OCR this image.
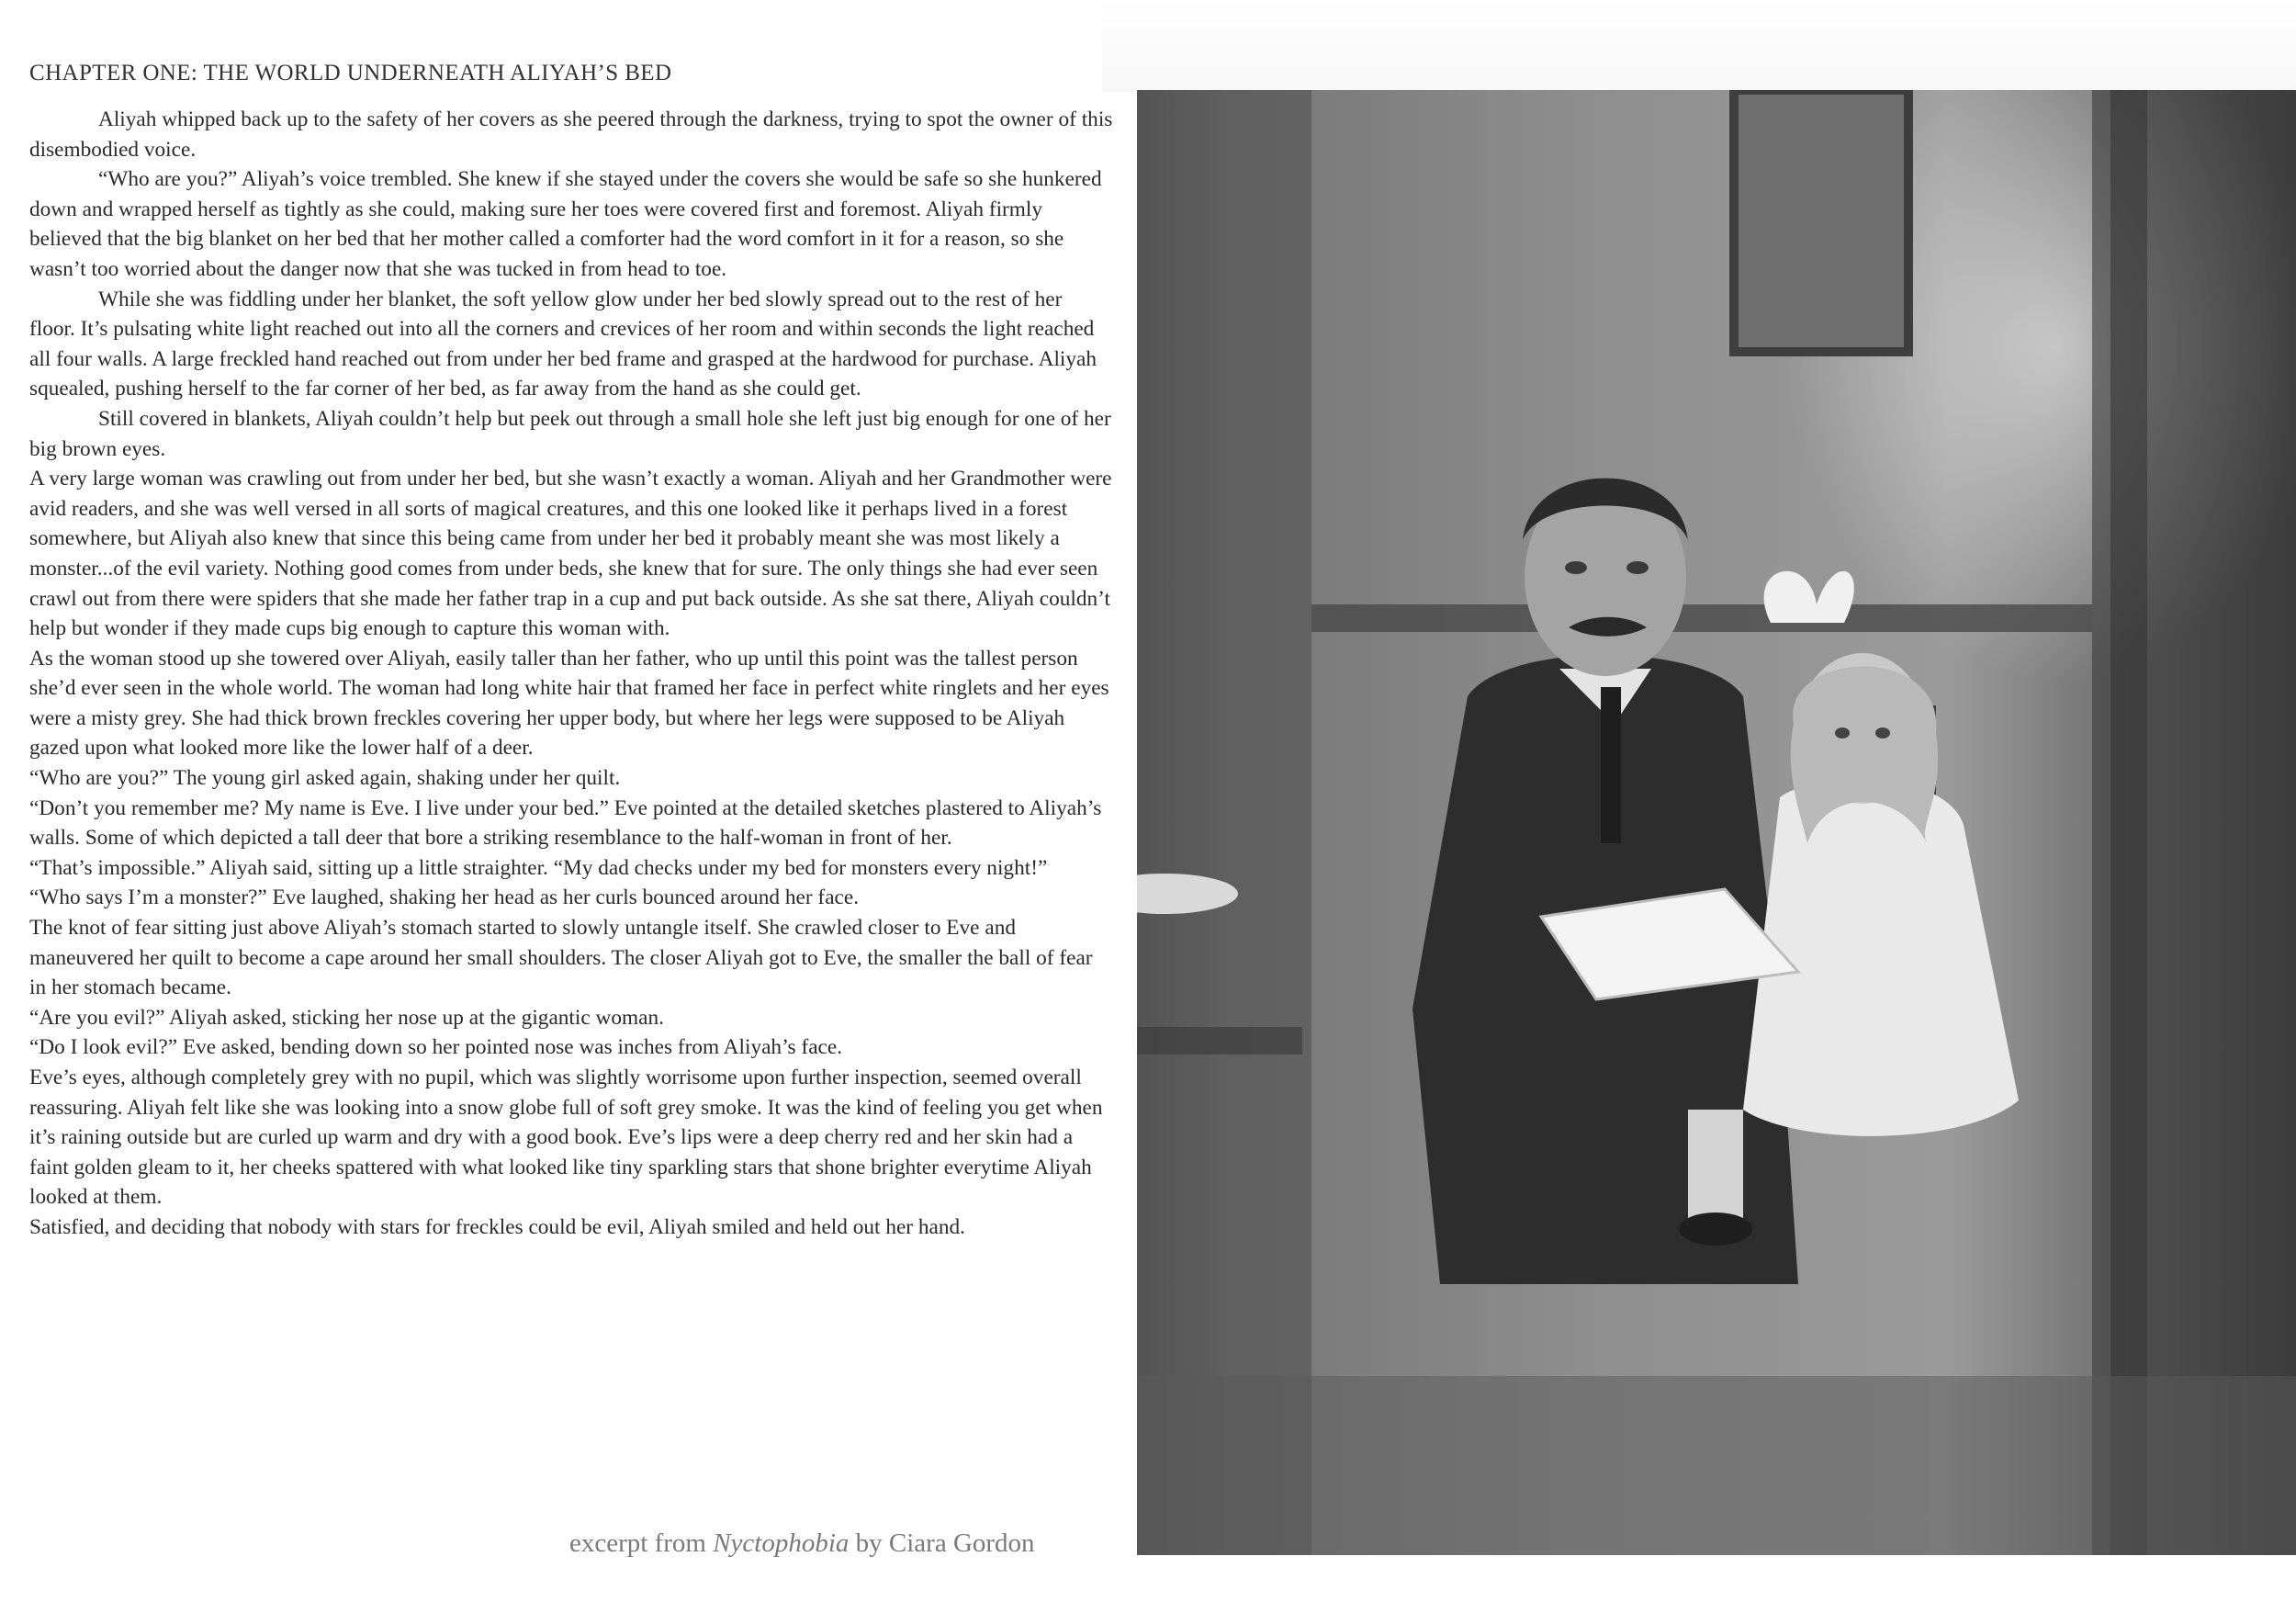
CHAPTER ONE: THE WORLD UNDERNEATH ALIYAH’S BED

Aliyah whipped back up to the safety of her covers as she peered through the darkness, trying to spot the owner of this disembodied voice.

“Who are you?” Aliyah’s voice trembled. She knew if she stayed under the covers she would be safe so she hunkered down and wrapped herself as tightly as she could, making sure her toes were covered first and foremost. Aliyah firmly believed that the big blanket on her bed that her mother called a comforter had the word comfort in it for a reason, so she wasn’t too worried about the danger now that she was tucked in from head to toe.

While she was fiddling under her blanket, the soft yellow glow under her bed slowly spread out to the rest of her floor. It’s pulsating white light reached out into all the corners and crevices of her room and within seconds the light reached all four walls. A large freckled hand reached out from under her bed frame and grasped at the hardwood for purchase. Aliyah squealed, pushing herself to the far corner of her bed, as far away from the hand as she could get.

Still covered in blankets, Aliyah couldn’t help but peek out through a small hole she left just big enough for one of her big brown eyes.

A very large woman was crawling out from under her bed, but she wasn’t exactly a woman. Aliyah and her Grandmother were avid readers, and she was well versed in all sorts of magical creatures, and this one looked like it perhaps lived in a forest somewhere, but Aliyah also knew that since this being came from under her bed it probably meant she was most likely a monster...of the evil variety. Nothing good comes from under beds, she knew that for sure. The only things she had ever seen crawl out from there were spiders that she made her father trap in a cup and put back outside. As she sat there, Aliyah couldn’t help but wonder if they made cups big enough to capture this woman with.

As the woman stood up she towered over Aliyah, easily taller than her father, who up until this point was the tallest person she’d ever seen in the whole world. The woman had long white hair that framed her face in perfect white ringlets and her eyes were a misty grey. She had thick brown freckles covering her upper body, but where her legs were supposed to be Aliyah gazed upon what looked more like the lower half of a deer.

“Who are you?” The young girl asked again, shaking under her quilt.

“Don’t you remember me? My name is Eve. I live under your bed.” Eve pointed at the detailed sketches plastered to Aliyah’s walls. Some of which depicted a tall deer that bore a striking resemblance to the half-woman in front of her.

“That’s impossible.” Aliyah said, sitting up a little straighter. “My dad checks under my bed for monsters every night!”

“Who says I’m a monster?” Eve laughed, shaking her head as her curls bounced around her face.

The knot of fear sitting just above Aliyah’s stomach started to slowly untangle itself. She crawled closer to Eve and maneuvered her quilt to become a cape around her small shoulders. The closer Aliyah got to Eve, the smaller the ball of fear in her stomach became.

“Are you evil?” Aliyah asked, sticking her nose up at the gigantic woman.

“Do I look evil?” Eve asked, bending down so her pointed nose was inches from Aliyah’s face.

Eve’s eyes, although completely grey with no pupil, which was slightly worrisome upon further inspection, seemed overall reassuring. Aliyah felt like she was looking into a snow globe full of soft grey smoke. It was the kind of feeling you get when it’s raining outside but are curled up warm and dry with a good book. Eve’s lips were a deep cherry red and her skin had a faint golden gleam to it, her cheeks spattered with what looked like tiny sparkling stars that shone brighter everytime Aliyah looked at them.

Satisfied, and deciding that nobody with stars for freckles could be evil, Aliyah smiled and held out her hand.

excerpt from Nyctophobia by Ciara Gordon
